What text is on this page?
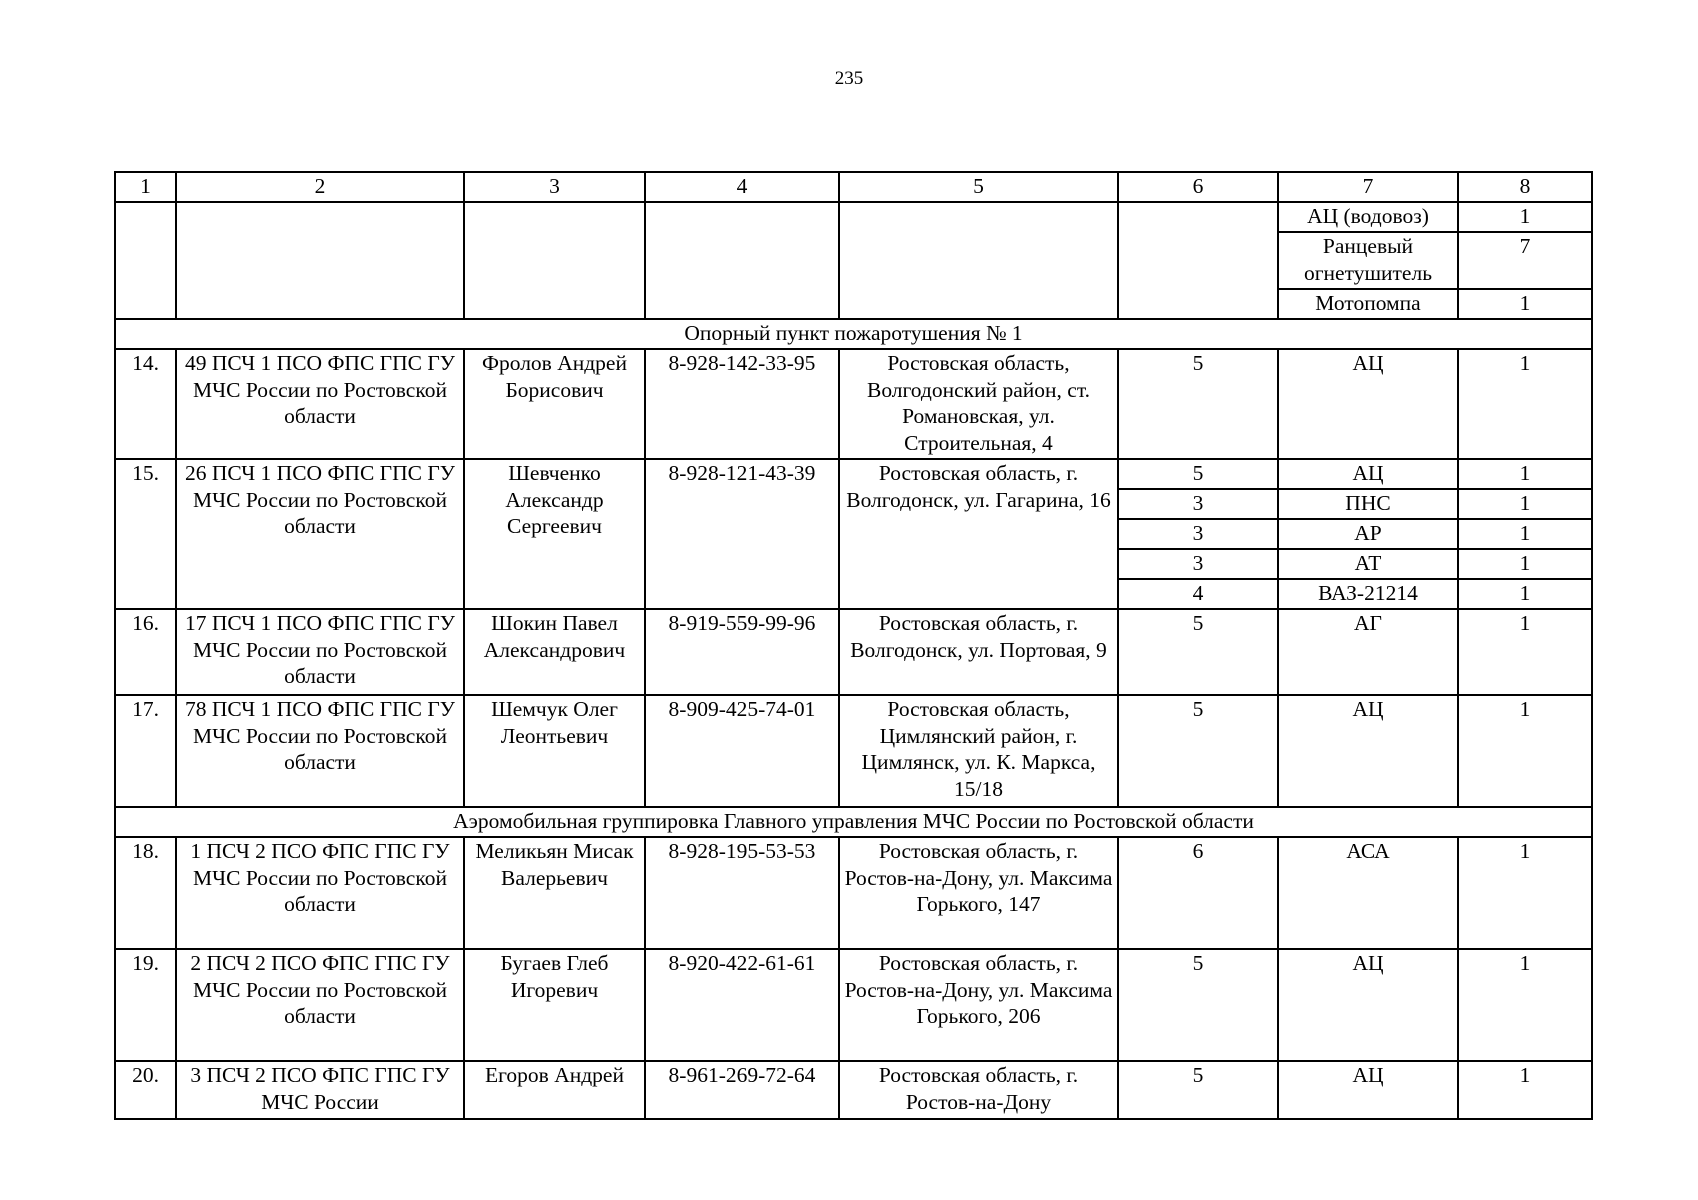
235
1	2	3	4	5	6	7	8
						АЦ (водовоз)	1
						Ранцевый огнетушитель	7
						Мотопомпа	1
Опорный пункт пожаротушения № 1							
14.	49 ПСЧ 1 ПСО ФПС ГПС ГУ МЧС России по Ростовской области	Фролов Андрей Борисович	8-928-142-33-95	Ростовская область, Волгодонский район, ст. Романовская, ул. Строительная, 4	5	АЦ	1
15.	26 ПСЧ 1 ПСО ФПС ГПС ГУ МЧС России по Ростовской области	Шевченко Александр Сергеевич	8-928-121-43-39	Ростовская область, г. Волгодонск, ул. Гагарина, 16	5	АЦ	1
					3	ПНС	1
					3	АР	1
					3	АТ	1
					4	ВАЗ-21214	1
16.	17 ПСЧ 1 ПСО ФПС ГПС ГУ МЧС России по Ростовской области	Шокин Павел Александрович	8-919-559-99-96	Ростовская область, г. Волгодонск, ул. Портовая, 9	5	АГ	1
17.	78 ПСЧ 1 ПСО ФПС ГПС ГУ МЧС России по Ростовской области	Шемчук Олег Леонтьевич	8-909-425-74-01	Ростовская область, Цимлянский район, г. Цимлянск, ул. К. Маркса, 15/18	5	АЦ	1
Аэромобильная группировка Главного управления МЧС России по Ростовской области							
18.	1 ПСЧ 2 ПСО ФПС ГПС ГУ МЧС России по Ростовской области	Меликьян Мисак Валерьевич	8-928-195-53-53	Ростовская область, г. Ростов-на-Дону, ул. Максима Горького, 147	6	АСА	1
19.	2 ПСЧ 2 ПСО ФПС ГПС ГУ МЧС России по Ростовской области	Бугаев Глеб Игоревич	8-920-422-61-61	Ростовская область, г. Ростов-на-Дону, ул. Максима Горького, 206	5	АЦ	1
20.	3 ПСЧ 2 ПСО ФПС ГПС ГУ МЧС России	Егоров Андрей	8-961-269-72-64	Ростовская область, г. Ростов-на-Дону	5	АЦ	1
